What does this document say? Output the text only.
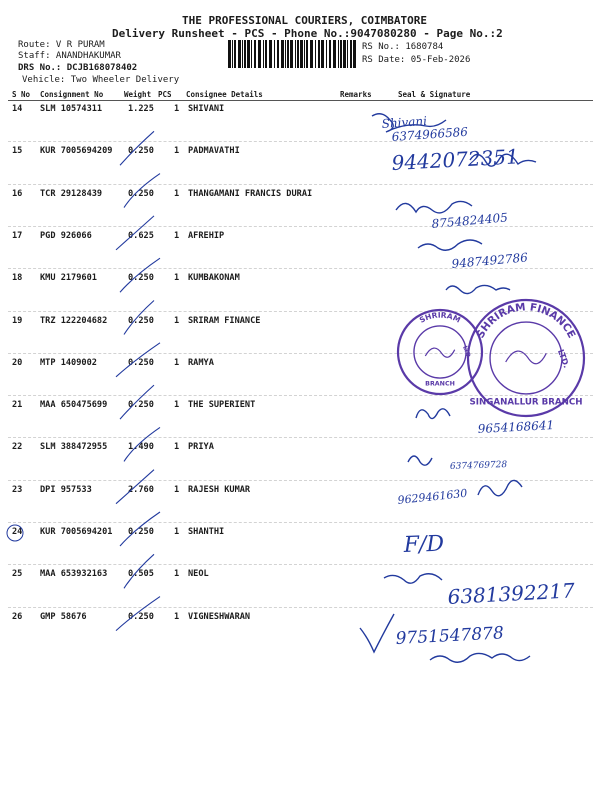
THE PROFESSIONAL COURIERS, COIMBATORE
Delivery Runsheet - PCS - Phone No.:9047080280 - Page No.:2
Route: V R PURAM
Staff: ANANDHAKUMAR
DRS No.: DCJB168078402
Vehicle: Two Wheeler Delivery
RS No.: 1680784
RS Date: 05-Feb-2026
S No Consignment No	Weight PCS Consignee Details	Remarks	Seal & Signature
14 SLM 10574311	1.225 1 SHIVANI
15 KUR 7005694209 0.250 1 PADMAVATHI
16 TCR 29128439	0.250 1 THANGAMANI FRANCIS DURAI
17 PGD 926066	0.625 1 AFREHIP
18 KMU 2179601	0.250 1 KUMBAKONAM
19 TRZ 122204682 0.250 1 SRIRAM FINANCE
20 MTP 1409002	0.250 1 RAMYA
21 MAA 650475699 0.250 1 THE SUPERIENT
22 SLM 388472955 1.490 1 PRIYA
23 DPI 957533	2.760 1 RAJESH KUMAR
24 KUR 7005694201 0.250 1 SHANTHI
25 MAA 653932163 0.505 1 NEOL
26 GMP 58676	0.250 1 VIGNESHWARAN
Shivani
6374966586
9442072351
8754824405
9487492786
9654168641
6374769728
9629461630
F/D
6381392217
9751547878
SHRIRAM
BRANCH
LTD.
SHRIRAM FINANCE
SINGANALLUR BRANCH
LTD.
